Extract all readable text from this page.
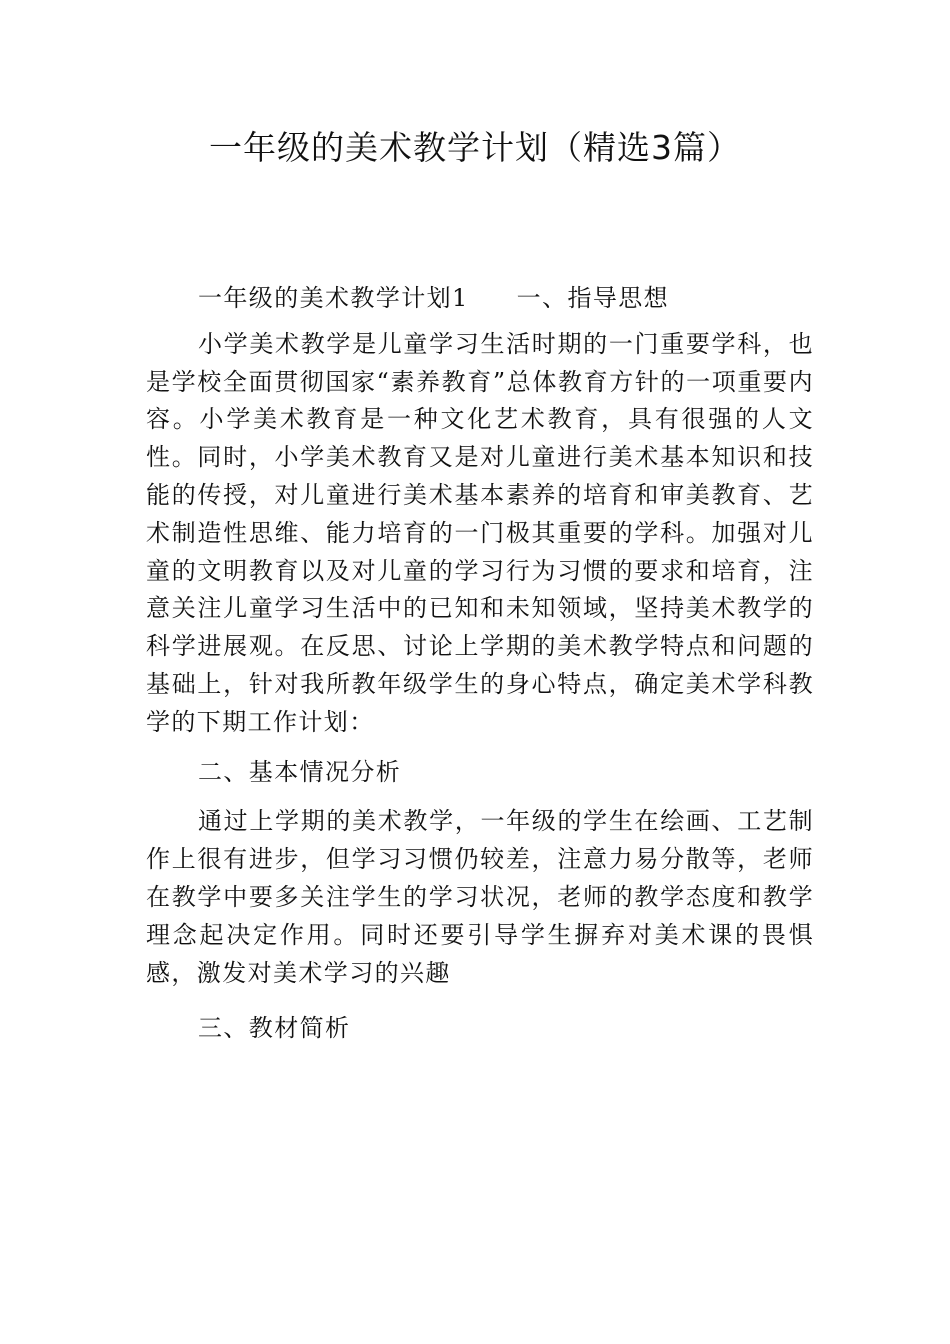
一年级的美术教学计划（精选3篇）

一年级的美术教学计划1 一、指导思想

小学美术教学是儿童学习生活时期的一门重要学科，也是学校全面贯彻国家“素养教育”总体教育方针的一项重要内容。小学美术教育是一种文化艺术教育，具有很强的人文性。同时，小学美术教育又是对儿童进行美术基本知识和技能的传授，对儿童进行美术基本素养的培育和审美教育、艺术制造性思维、能力培育的一门极其重要的学科。加强对儿童的文明教育以及对儿童的学习行为习惯的要求和培育，注意关注儿童学习生活中的已知和未知领域，坚持美术教学的科学进展观。在反思、讨论上学期的美术教学特点和问题的基础上，针对我所教年级学生的身心特点，确定美术学科教学的下期工作计划：

二、基本情况分析

通过上学期的美术教学，一年级的学生在绘画、工艺制作上很有进步，但学习习惯仍较差，注意力易分散等，老师在教学中要多关注学生的学习状况，老师的教学态度和教学理念起决定作用。同时还要引导学生摒弃对美术课的畏惧感，激发对美术学习的兴趣

三、教材简析
